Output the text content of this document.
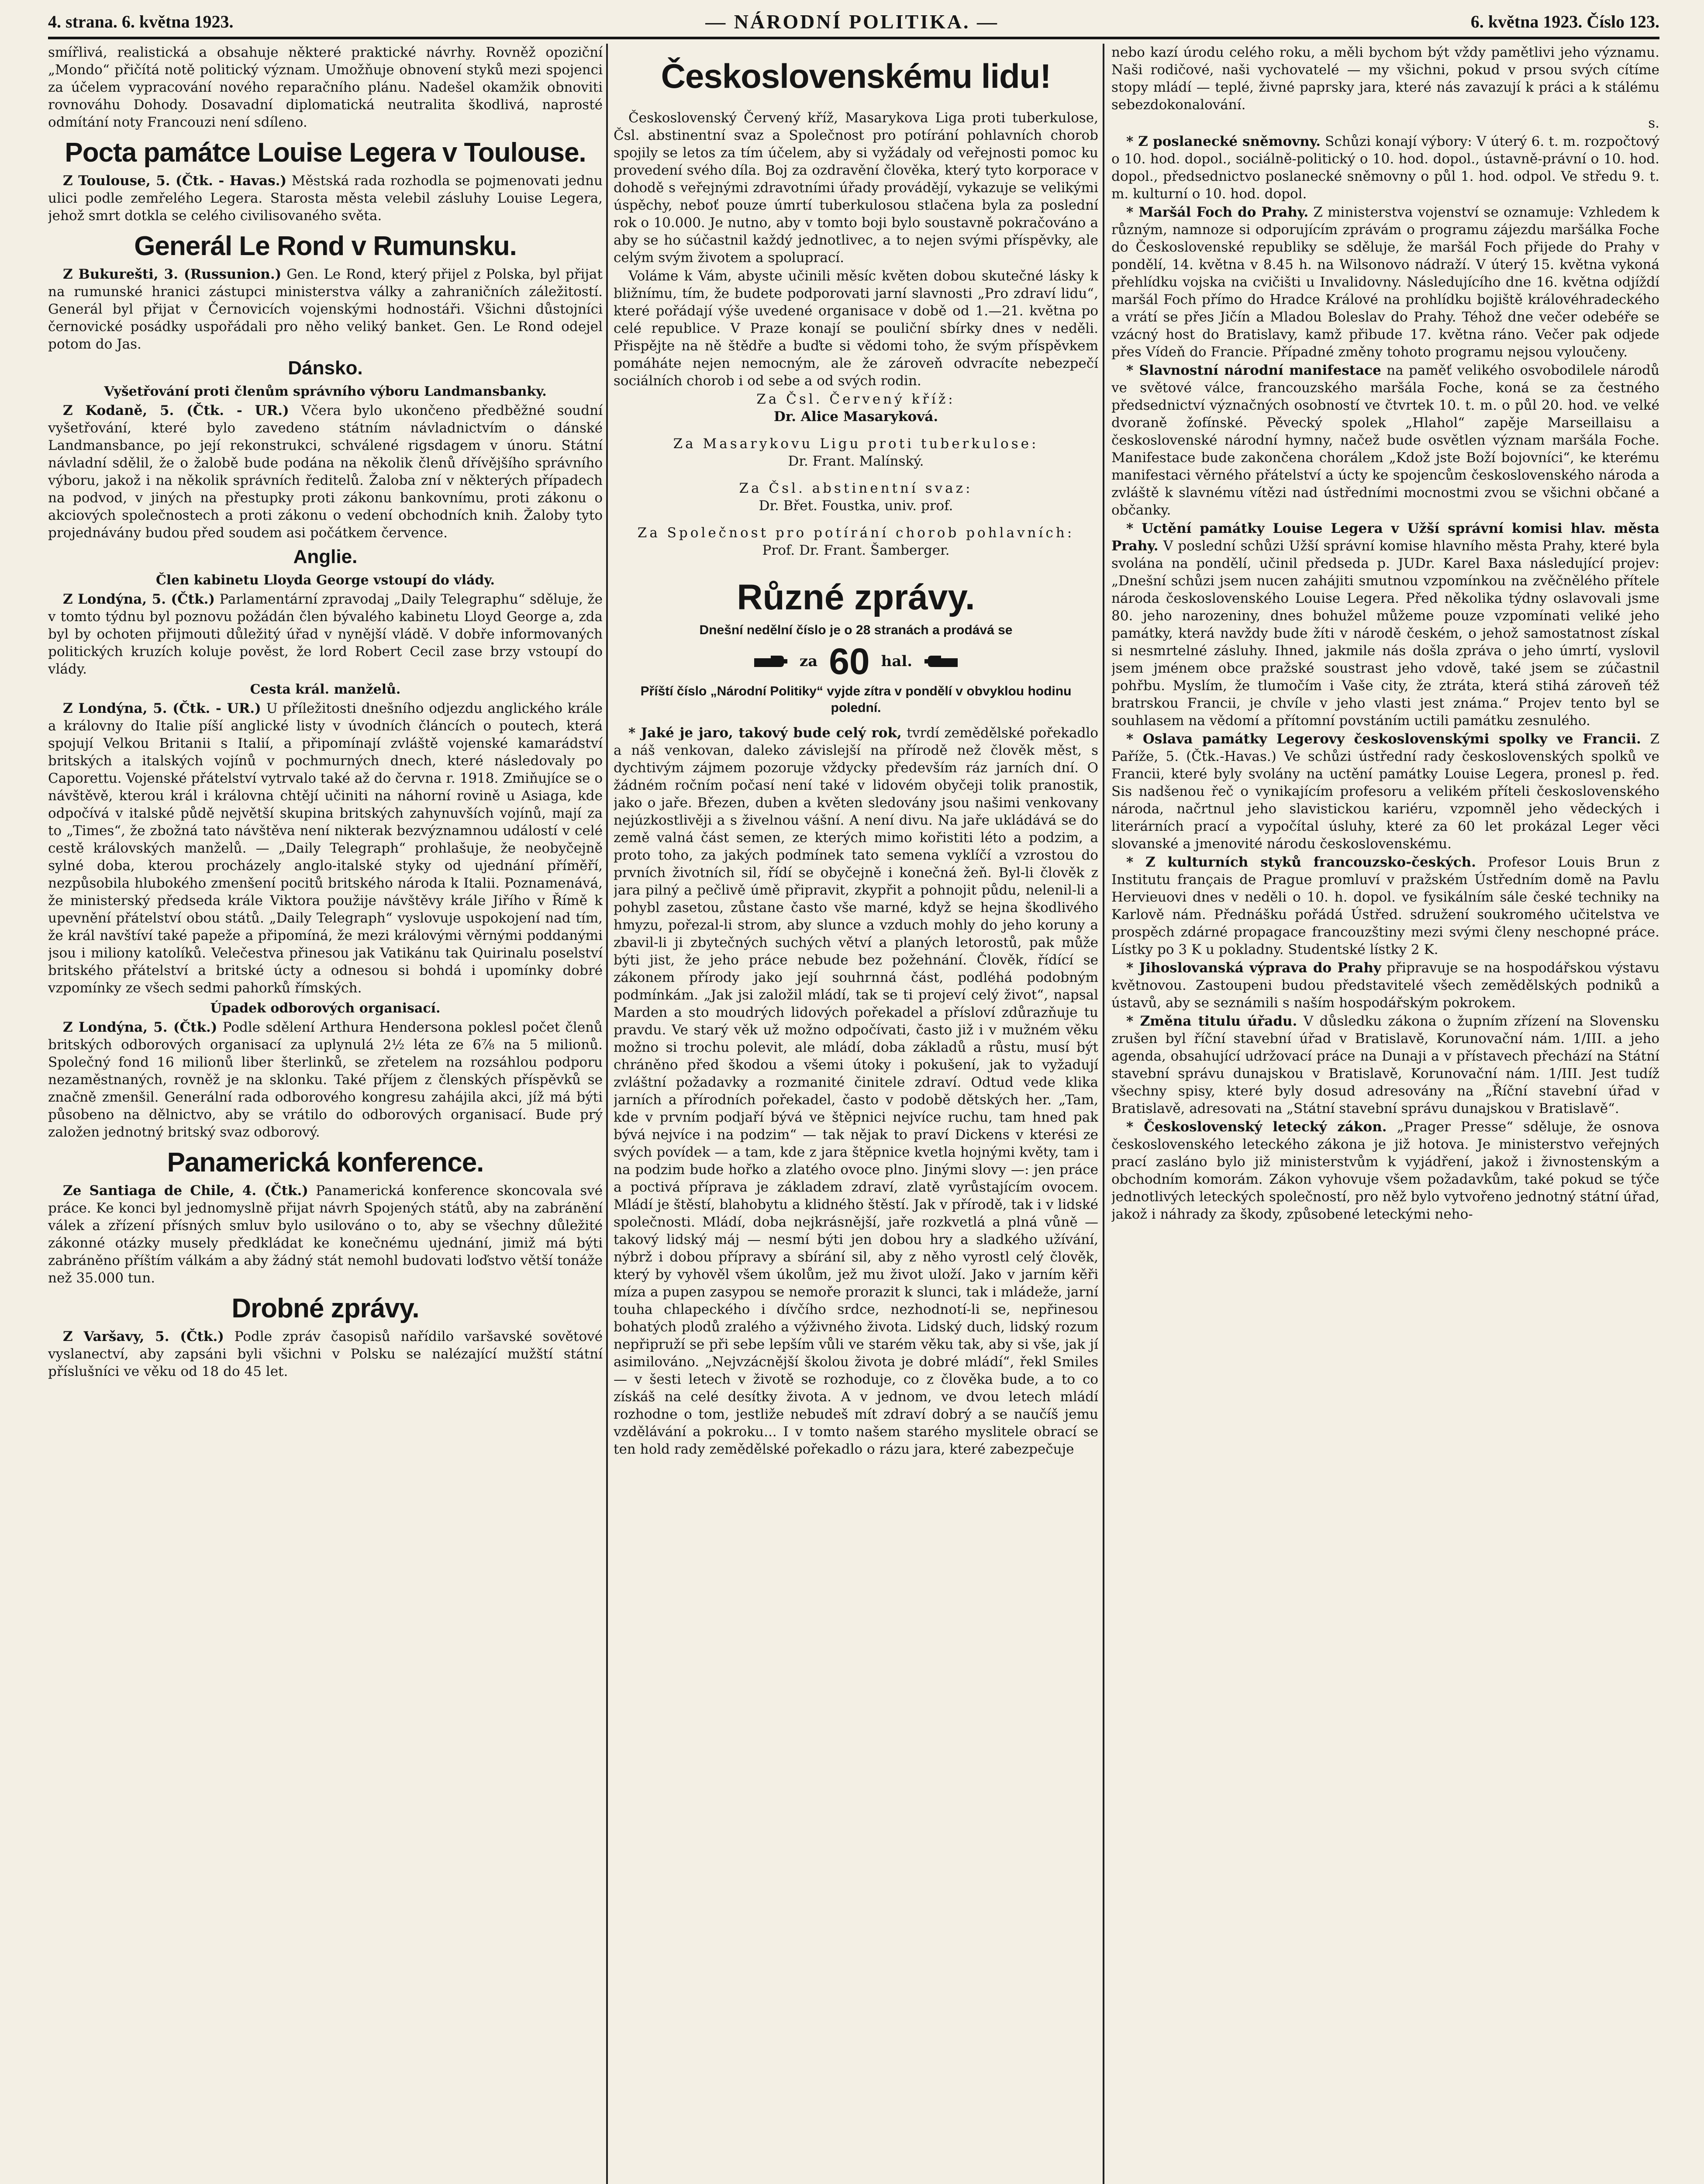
4. strana. 6. května 1923.	— NÁRODNÍ POLITIKA. —	6. května 1923. Číslo 123.

smířlivá, realistická a obsahuje některé praktické návrhy. Rovněž opoziční „Mondo“ přičítá notě politický význam. Umožňuje obnovení styků mezi spojenci za účelem vypracování nového reparačního plánu. Nadešel okamžik obnoviti rovnováhu Dohody. Dosavadní diplomatická neutralita škodlivá, naprosté odmítání noty Francouzi není sdíleno.

Pocta památce Louise Legera v Toulouse.

Z Toulouse, 5. (Čtk. - Havas.) Městská rada rozhodla se pojmenovati jednu ulici podle zemřelého Legera. Starosta města velebil zásluhy Louise Legera, jehož smrt dotkla se celého civilisovaného světa.

Generál Le Rond v Rumunsku.

Z Bukurešti, 3. (Russunion.) Gen. Le Rond, který přijel z Polska, byl přijat na rumunské hranici zástupci ministerstva války a zahraničních záležitostí. Generál byl přijat v Černovicích vojenskými hodnostáři. Všichni důstojníci černovické posádky uspořádali pro něho veliký banket. Gen. Le Rond odejel potom do Jas.

Dánsko.
Vyšetřování proti členům správního výboru Landmansbanky.

Z Kodaně, 5. (Čtk. - UR.) Včera bylo ukončeno předběžné soudní vyšetřování, které bylo zavedeno státním návladnictvím o dánské Landmansbance, po její rekonstrukci, schválené rigsdagem v únoru. Státní návladní sdělil, že o žalobě bude podána na několik členů dřívějšího správního výboru, jakož i na několik správních ředitelů. Žaloba zní v některých případech na podvod, v jiných na přestupky proti zákonu bankovnímu, proti zákonu o akciových společnostech a proti zákonu o vedení obchodních knih. Žaloby tyto projednávány budou před soudem asi počátkem července.

Anglie.
Člen kabinetu Lloyda George vstoupí do vlády.

Z Londýna, 5. (Čtk.) Parlamentární zpravodaj „Daily Telegraphu“ sděluje, že v tomto týdnu byl poznovu požádán člen bývalého kabinetu Lloyd George a, zda byl by ochoten přijmouti důležitý úřad v nynější vládě. V dobře informovaných politických kruzích koluje pověst, že lord Robert Cecil zase brzy vstoupí do vlády.

Cesta král. manželů.

Z Londýna, 5. (Čtk. - UR.) U příležitosti dnešního odjezdu anglického krále a královny do Italie píší anglické listy v úvodních článcích o poutech, která spojují Velkou Britanii s Italií, a připomínají zvláště vojenské kamarádství britských a italských vojínů v pochmurných dnech, které následovaly po Caporettu. Vojenské přátelství vytrvalo také až do června r. 1918. Zmiňujíce se o návštěvě, kterou král i královna chtějí učiniti na náhorní rovině u Asiaga, kde odpočívá v italské půdě největší skupina britských zahynuvších vojínů, mají za to „Times“, že zbožná tato návštěva není nikterak bezvýznamnou událostí v celé cestě královských manželů. — „Daily Telegraph“ prohlašuje, že neobyčejně sylné doba, kterou procházely anglo-italské styky od ujednání příměří, nezpůsobila hlubokého zmenšení pocitů britského národa k Italii. Poznamenává, že ministerský předseda krále Viktora použije návštěvy krále Jiřího v Římě k upevnění přátelství obou států. „Daily Telegraph“ vyslovuje uspokojení nad tím, že král navštíví také papeže a připomíná, že mezi královými věrnými poddanými jsou i miliony katolíků. Velečestva přinesou jak Vatikánu tak Quirinalu poselství britského přátelství a britské úcty a odnesou si bohdá i upomínky dobré vzpomínky ze všech sedmi pahorků římských.

Úpadek odborových organisací.

Z Londýna, 5. (Čtk.) Podle sdělení Arthura Hendersona poklesl počet členů britských odborových organisací za uplynulá 2½ léta ze 6⅞ na 5 milionů. Společný fond 16 milionů liber šterlinků, se zřetelem na rozsáhlou podporu nezaměstnaných, rovněž je na sklonku. Také příjem z členských příspěvků se značně zmenšil. Generální rada odborového kongresu zahájila akci, jíž má býti působeno na dělnictvo, aby se vrátilo do odborových organisací. Bude prý založen jednotný britský svaz odborový.

Panamerická konference.

Ze Santiaga de Chile, 4. (Čtk.) Panamerická konference skoncovala své práce. Ke konci byl jednomyslně přijat návrh Spojených států, aby na zabránění válek a zřízení přísných smluv bylo usilováno o to, aby se všechny důležité zákonné otázky musely předkládat ke konečnému ujednání, jimiž má býti zabráněno příštím válkám a aby žádný stát nemohl budovati loďstvo větší tonáže než 35.000 tun.

Drobné zprávy.

Z Varšavy, 5. (Čtk.) Podle zpráv časopisů nařídilo varšavské sovětové vyslanectví, aby zapsáni byli všichni v Polsku se nalézající mužští státní příslušníci ve věku od 18 do 45 let.

Československému lidu!

Československý Červený kříž, Masarykova Liga proti tuberkulose, Čsl. abstinentní svaz a Společnost pro potírání pohlavních chorob spojily se letos za tím účelem, aby si vyžádaly od veřejnosti pomoc ku provedení svého díla. Boj za ozdravění člověka, který tyto korporace v dohodě s veřejnými zdravotními úřady provádějí, vykazuje se velikými úspěchy, neboť pouze úmrtí tuberkulosou stlačena byla za poslední rok o 10.000. Je nutno, aby v tomto boji bylo soustavně pokračováno a aby se ho súčastnil každý jednotlivec, a to nejen svými příspěvky, ale celým svým životem a spoluprací.

Voláme k Vám, abyste učinili měsíc květen dobou skutečné lásky k bližnímu, tím, že budete podporovati jarní slavnosti „Pro zdraví lidu“, které pořádají výše uvedené organisace v době od 1.—21. května po celé republice. V Praze konají se pouliční sbírky dnes v neděli. Přispějte na ně štědře a buďte si vědomi toho, že svým příspěvkem pomáháte nejen nemocným, ale že zároveň odvracíte nebezpečí sociálních chorob i od sebe a od svých rodin.

Za Čsl. Červený kříž:

Dr. Alice Masaryková.

Za Masarykovu Ligu proti tuberkulose:

Dr. Frant. Malínský.

Za Čsl. abstinentní svaz:

Dr. Břet. Foustka, univ. prof.

Za Společnost pro potírání chorob pohlavních:

Prof. Dr. Frant. Šamberger.

Různé zprávy.
Dnešní nedělní číslo je o 28 stranách a prodává se
za 60 hal.
Příští číslo „Národní Politiky“ vyjde zítra v pondělí v obvyklou hodinu polední.

* Jaké je jaro, takový bude celý rok, tvrdí zemědělské pořekadlo a náš venkovan, daleko závislejší na přírodě než člověk měst, s dychtivým zájmem pozoruje vždycky především ráz jarních dní. O žádném ročním počasí není také v lidovém obyčeji tolik pranostik, jako o jaře. Březen, duben a květen sledovány jsou našimi venkovany nejúzkostlivěji a s živelnou vášní. A není divu. Na jaře ukládává se do země valná část semen, ze kterých mimo kořistiti léto a podzim, a proto toho, za jakých podmínek tato semena vyklíčí a vzrostou do prvních životních sil, řídí se obyčejně i konečná žeň. Byl-li člověk z jara pilný a pečlivě úmě připravit, zkypřit a pohnojit půdu, nelenil-li a pohybl zasetou, zůstane často vše marné, když se hejna škodlivého hmyzu, pořezal-li strom, aby slunce a vzduch mohly do jeho koruny a zbavil-li ji zbytečných suchých větví a planých letorostů, pak může býti jist, že jeho práce nebude bez požehnání. Člověk, řídící se zákonem přírody jako její souhrnná část, podléhá podobným podmínkám. „Jak jsi založil mládí, tak se ti projeví celý život“, napsal Marden a sto moudrých lidových pořekadel a přísloví zdůrazňuje tu pravdu. Ve starý věk už možno odpočívati, často již i v mužném věku možno si trochu polevit, ale mládí, doba základů a růstu, musí být chráněno před škodou a všemi útoky i pokušení, jak to vyžadují zvláštní požadavky a rozmanité činitele zdraví. Odtud vede klika jarních a přírodních pořekadel, často v podobě dětských her. „Tam, kde v prvním podjaří bývá ve štěpnici nejvíce ruchu, tam hned pak bývá nejvíce i na podzim“ — tak nějak to praví Dickens v kterési ze svých povídek — a tam, kde z jara štěpnice kvetla hojnými květy, tam i na podzim bude hořko a zlatého ovoce plno. Jinými slovy —: jen práce a poctivá příprava je základem zdraví, zlatě vyrůstajícím ovocem. Mládí je štěstí, blahobytu a klidného štěstí. Jak v přírodě, tak i v lidské společnosti. Mládí, doba nejkrásnější, jaře rozkvetlá a plná vůně — takový lidský máj — nesmí býti jen dobou hry a sladkého užívání, nýbrž i dobou přípravy a sbírání sil, aby z něho vyrostl celý člověk, který by vyhověl všem úkolům, jež mu život uloží. Jako v jarním kěři míza a pupen zasypou se nemoře prorazit k slunci, tak i mládeže, jarní touha chlapeckého i dívčího srdce, nezhodnotí-li se, nepřinesou bohatých plodů zralého a výživného života. Lidský duch, lidský rozum nepřipruží se při sebe lepším vůli ve starém věku tak, aby si vše, jak jí asimilováno. „Nejvzácnější školou života je dobré mládí“, řekl Smiles — v šesti letech v životě se rozhoduje, co z člověka bude, a to co získáš na celé desítky života. A v jednom, ve dvou letech mládí rozhodne o tom, jestliže nebudeš mít zdraví dobrý a se naučíš jemu vzdělávání a pokroku... I v tomto našem starého myslitele obrací se ten hold rady zemědělské pořekadlo o rázu jara, které zabezpečuje

nebo kazí úrodu celého roku, a měli bychom být vždy pamětlivi jeho významu. Naši rodičové, naši vychovatelé — my všichni, pokud v prsou svých cítíme stopy mládí — teplé, živné paprsky jara, které nás zavazují k práci a k stálému sebezdokonalování.

s.

* Z poslanecké sněmovny. Schůzi konají výbory: V úterý 6. t. m. rozpočtový o 10. hod. dopol., sociálně-politický o 10. hod. dopol., ústavně-právní o 10. hod. dopol., předsednictvo poslanecké sněmovny o půl 1. hod. odpol. Ve středu 9. t. m. kulturní o 10. hod. dopol.

* Maršál Foch do Prahy. Z ministerstva vojenství se oznamuje: Vzhledem k různým, namnoze si odporujícím zprávám o programu zájezdu maršálka Foche do Československé republiky se sděluje, že maršál Foch přijede do Prahy v pondělí, 14. května v 8.45 h. na Wilsonovo nádraží. V úterý 15. května vykoná přehlídku vojska na cvičišti u Invalidovny. Následujícího dne 16. května odjíždí maršál Foch přímo do Hradce Králové na prohlídku bojiště královéhradeckého a vrátí se přes Jičín a Mladou Boleslav do Prahy. Téhož dne večer odebéře se vzácný host do Bratislavy, kamž přibude 17. května ráno. Večer pak odjede přes Vídeň do Francie. Případné změny tohoto programu nejsou vyloučeny.

* Slavnostní národní manifestace na paměť velikého osvobodilele národů ve světové válce, francouzského maršála Foche, koná se za čestného předsednictví význačných osobností ve čtvrtek 10. t. m. o půl 20. hod. ve velké dvoraně žofínské. Pěvecký spolek „Hlahol“ zapěje Marseillaisu a československé národní hymny, načež bude osvětlen význam maršála Foche. Manifestace bude zakončena chorálem „Kdož jste Boží bojovníci“, ke kterému manifestaci věrného přátelství a úcty ke spojencům československého národa a zvláště k slavnému vítězi nad ústředními mocnostmi zvou se všichni občané a občanky.

* Uctění památky Louise Legera v Užší správní komisi hlav. města Prahy. V poslední schůzi Užší správní komise hlavního města Prahy, které byla svolána na pondělí, učinil předseda p. JUDr. Karel Baxa následující projev: „Dnešní schůzi jsem nucen zahájiti smutnou vzpomínkou na zvěčnělého přítele národa československého Louise Legera. Před několika týdny oslavovali jsme 80. jeho narozeniny, dnes bohužel můžeme pouze vzpomínati veliké jeho památky, která navždy bude žíti v národě českém, o jehož samostatnost získal si nesmrtelné zásluhy. Ihned, jakmile nás došla zpráva o jeho úmrtí, vyslovil jsem jménem obce pražské soustrast jeho vdově, také jsem se zúčastnil pohřbu. Myslím, že tlumočím i Vaše city, že ztráta, která stihá zároveň též bratrskou Francii, je chvíle v jeho vlasti jest známa.“ Projev tento byl se souhlasem na vědomí a přítomní povstáním uctili památku zesnulého.

* Oslava památky Legerovy československými spolky ve Francii. Z Paříže, 5. (Čtk.-Havas.) Ve schůzi ústřední rady československých spolků ve Francii, které byly svolány na uctění památky Louise Legera, pronesl p. řed. Sis nadšenou řeč o vynikajícím profesoru a velikém příteli československého národa, načrtnul jeho slavistickou kariéru, vzpomněl jeho vědeckých i literárních prací a vypočítal úsluhy, které za 60 let prokázal Leger věci slovanské a jmenovité národu československému.

* Z kulturních styků francouzsko-českých. Profesor Louis Brun z Institutu français de Prague promluví v pražském Ústředním domě na Pavlu Hervieuovi dnes v neděli o 10. h. dopol. ve fysikálním sále české techniky na Karlově nám. Přednášku pořádá Ústřed. sdružení soukromého učitelstva ve prospěch zdárné propagace francouzštiny mezi svými členy neschopné práce. Lístky po 3 K u pokladny. Studentské lístky 2 K.

* Jihoslovanská výprava do Prahy připravuje se na hospodářskou výstavu květnovou. Zastoupeni budou představitelé všech zemědělských podniků a ústavů, aby se seznámili s naším hospodářským pokrokem.

* Změna titulu úřadu. V důsledku zákona o župním zřízení na Slovensku zrušen byl říční stavební úřad v Bratislavě, Korunovační nám. 1/III. a jeho agenda, obsahující udržovací práce na Dunaji a v přístavech přechází na Státní stavební správu dunajskou v Bratislavě, Korunovační nám. 1/III. Jest tudíž všechny spisy, které byly dosud adresovány na „Říční stavební úřad v Bratislavě, adresovati na „Státní stavební správu dunajskou v Bratislavě“.

* Československý letecký zákon. „Prager Presse“ sděluje, že osnova československého leteckého zákona je již hotova. Je ministerstvo veřejných prací zasláno bylo již ministerstvům k vyjádření, jakož i živnostenským a obchodním komorám. Zákon vyhovuje všem požadavkům, také pokud se týče jednotlivých leteckých společností, pro něž bylo vytvořeno jednotný státní úřad, jakož i náhrady za škody, způsobené leteckými neho-
